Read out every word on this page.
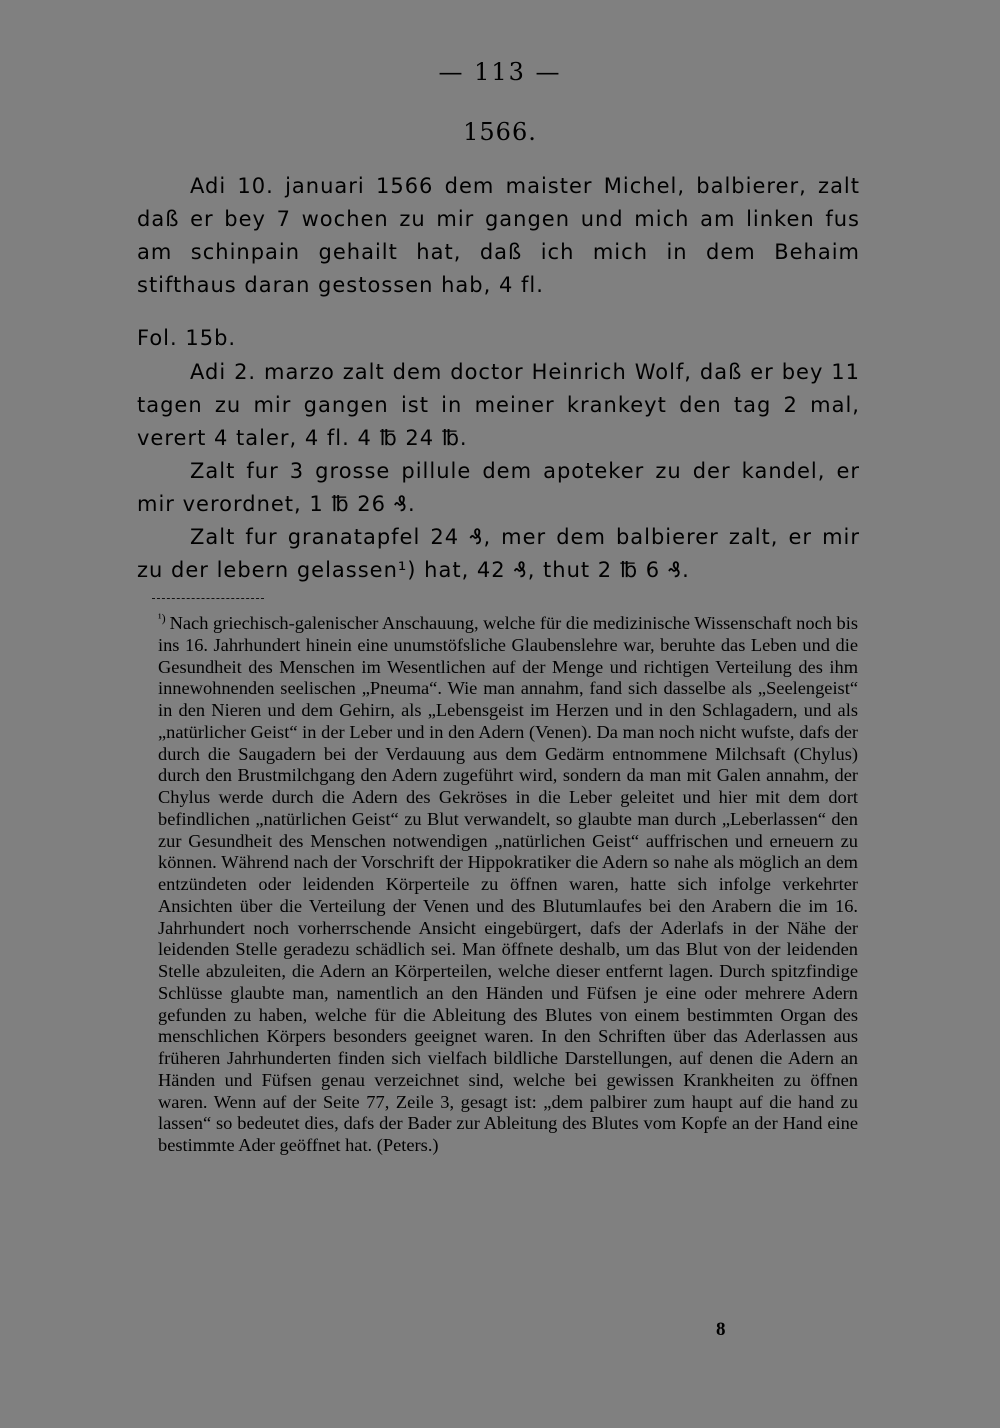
— 113 —
1566.

Adi 10. januari 1566 dem maister Michel, balbierer, zalt daß er bey 7 wochen zu mir gangen und mich am linken fus am schinpain gehailt hat, daß ich mich in dem Behaim stifthaus daran gestossen hab, 4 fl.

Fol. 15b.

Adi 2. marzo zalt dem doctor Heinrich Wolf, daß er bey 11 tagen zu mir gangen ist in meiner krankeyt den tag 2 mal, verert 4 taler, 4 fl. 4 ℔ 24 ℔.

Zalt fur 3 grosse pillule dem apoteker zu der kandel, er mir verordnet, 1 ℔ 26 ₰.

Zalt fur granatapfel 24 ₰, mer dem balbierer zalt, er mir zu der lebern gelassen¹) hat, 42 ₰, thut 2 ℔ 6 ₰.

$^{^1)}$ Nach griechisch-galenischer Anschauung, welche für die medizinische Wissenschaft noch bis ins 16. Jahrhundert hinein eine unumstöfsliche Glaubenslehre war, beruhte das Leben und die Gesundheit des Menschen im Wesentlichen auf der Menge und richtigen Verteilung des ihm innewohnenden seelischen „Pneuma“. Wie man annahm, fand sich dasselbe als „Seelengeist“ in den Nieren und dem Gehirn, als „Lebensgeist im Herzen und in den Schlagadern, und als „natürlicher Geist“ in der Leber und in den Adern (Venen). Da man noch nicht wufste, dafs der durch die Saugadern bei der Verdauung aus dem Gedärm entnommene Milchsaft (Chylus) durch den Brustmilchgang den Adern zugeführt wird, sondern da man mit Galen annahm, der Chylus werde durch die Adern des Gekröses in die Leber geleitet und hier mit dem dort befindlichen „natürlichen Geist“ zu Blut verwandelt, so glaubte man durch „Leberlassen“ den zur Gesundheit des Menschen notwendigen „natürlichen Geist“ auffrischen und erneuern zu können. Während nach der Vorschrift der Hippokratiker die Adern so nahe als möglich an dem entzündeten oder leidenden Körperteile zu öffnen waren, hatte sich infolge verkehrter Ansichten über die Verteilung der Venen und des Blutumlaufes bei den Arabern die im 16. Jahrhundert noch vorherrschende Ansicht eingebürgert, dafs der Aderlafs in der Nähe der leidenden Stelle geradezu schädlich sei. Man öffnete deshalb, um das Blut von der leidenden Stelle abzuleiten, die Adern an Körperteilen, welche dieser entfernt lagen. Durch spitzfindige Schlüsse glaubte man, namentlich an den Händen und Füfsen je eine oder mehrere Adern gefunden zu haben, welche für die Ableitung des Blutes von einem bestimmten Organ des menschlichen Körpers besonders geeignet waren. In den Schriften über das Aderlassen aus früheren Jahrhunderten finden sich vielfach bildliche Darstellungen, auf denen die Adern an Händen und Füfsen genau verzeichnet sind, welche bei gewissen Krankheiten zu öffnen waren. Wenn auf der Seite 77, Zeile 3, gesagt ist: „dem palbirer zum haupt auf die hand zu lassen“ so bedeutet dies, dafs der Bader zur Ableitung des Blutes vom Kopfe an der Hand eine bestimmte Ader geöffnet hat. (Peters.)
8
